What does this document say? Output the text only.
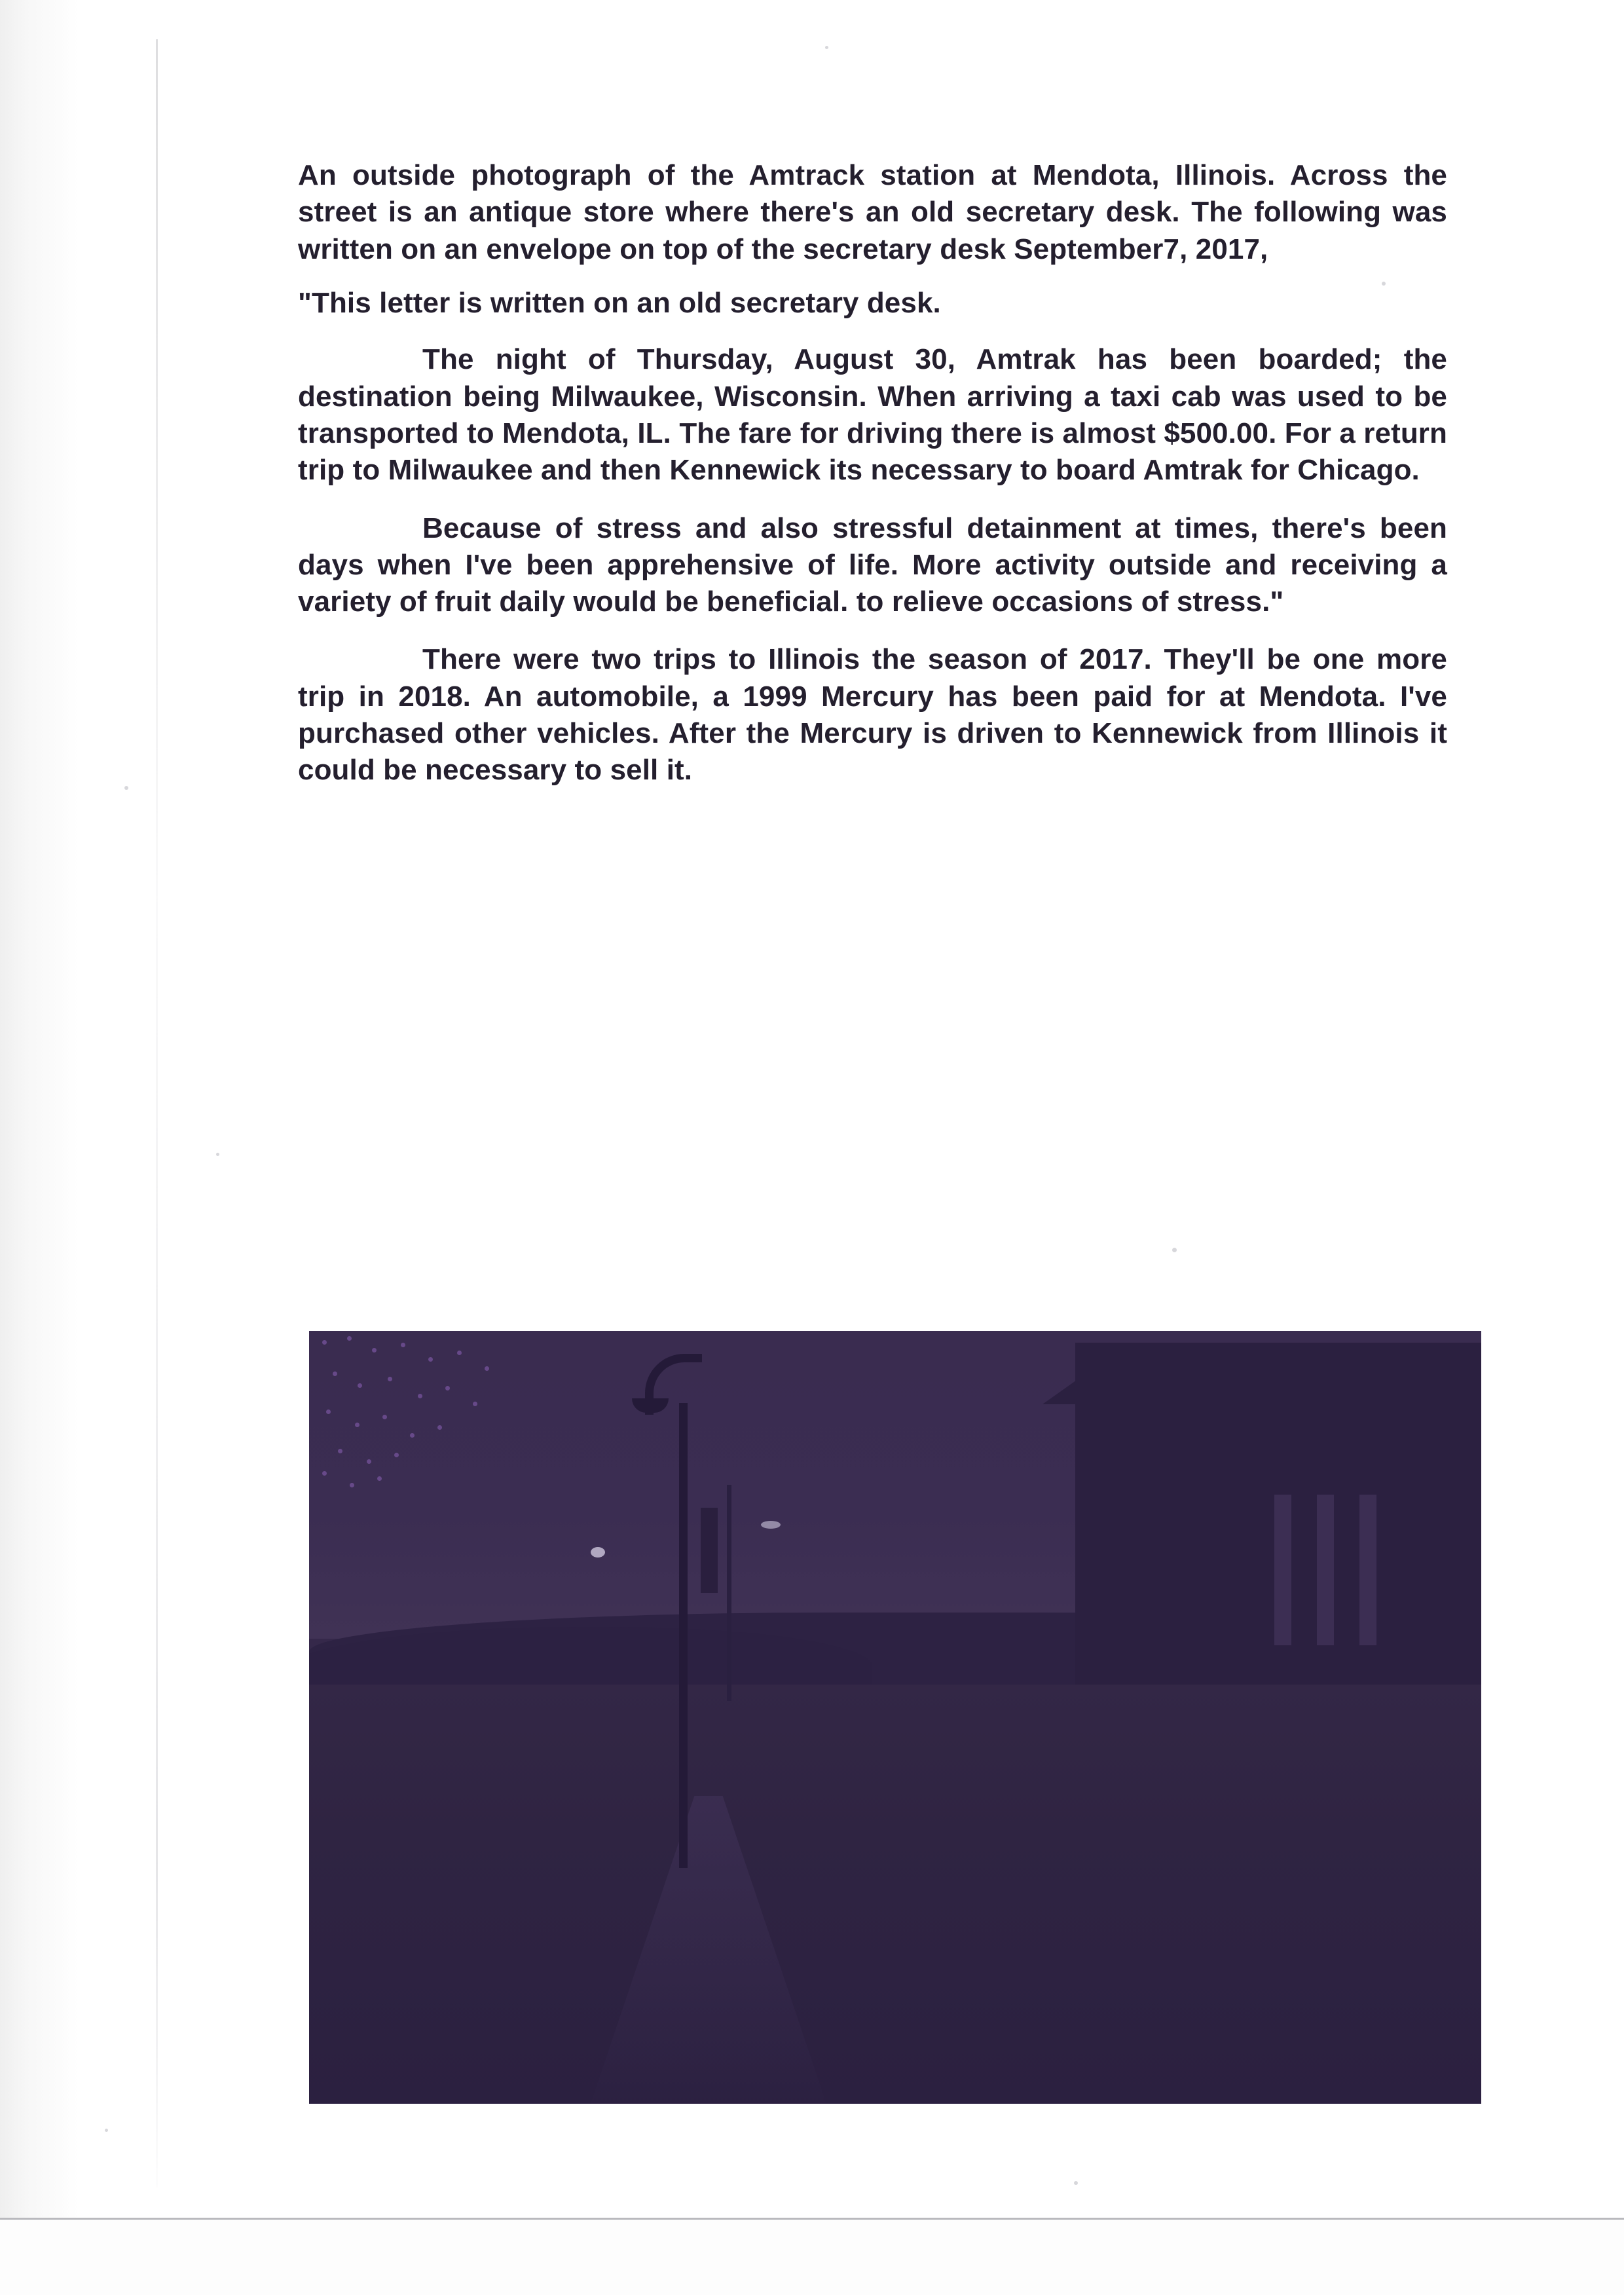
An outside photograph of the Amtrack station at Mendota, Illinois. Across the street is an antique store where there's an old secretary desk. The following was written on an envelope on top of the secretary desk September7, 2017,

"This letter is written on an old secretary desk.

The night of Thursday, August 30, Amtrak has been boarded; the destination being Milwaukee, Wisconsin. When arriving a taxi cab was used to be transported to Mendota, IL. The fare for driving there is almost $500.00. For a return trip to Milwaukee and then Kennewick its necessary to board Amtrak for Chicago.

Because of stress and also stressful detainment at times, there's been days when I've been apprehensive of life. More activity outside and receiving a variety of fruit daily would be beneficial. to relieve occasions of stress."

There were two trips to Illinois the season of 2017. They'll be one more trip in 2018. An automobile, a 1999 Mercury has been paid for at Mendota. I've purchased other vehicles. After the Mercury is driven to Kennewick from Illinois it could be necessary to sell it.
